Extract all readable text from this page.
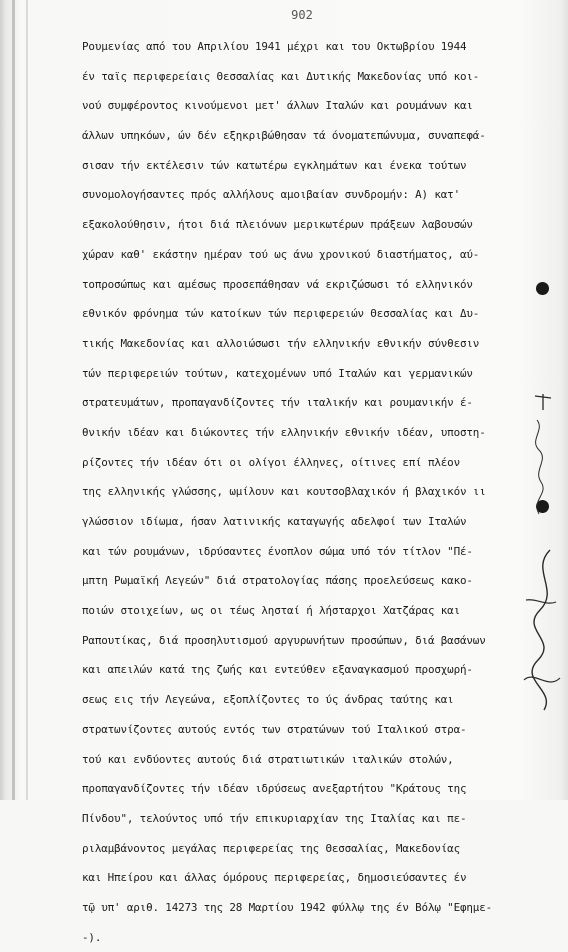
902
Ρουμενίας από του Απριλίου 1941 μέχρι και του Οκτωβρίου 1944
έν ταϊς περιφερείαις Θεσσαλίας και Δυτικής Μακεδονίας υπό κοι-
νού συμφέροντος κινούμενοι μετ' άλλων Ιταλών και ρουμάνων και
άλλων υπηκόων, ών δέν εξηκριβώθησαν τά όνοματεπώνυμα, συναπεφά-
σισαν τήν εκτέλεσιν τών κατωτέρω εγκλημάτων και ένεκα τούτων
συνομολογήσαντες πρός αλλήλους αμοιβαίαν συνδρομήν: Α) κατ'
εξακολούθησιν, ήτοι διά πλειόνων μερικωτέρων πράξεων λαβουσών
χώραν καθ' εκάστην ημέραν τού ως άνω χρονικού διαστήματος, αύ-
τοπροσώπως και αμέσως προσεπάθησαν νά εκριζώσωσι τό ελληνικόν
εθνικόν φρόνημα τών κατοίκων τών περιφερειών Θεσσαλίας και Δυ-
τικής Μακεδονίας και αλλοιώσωσι τήν ελληνικήν εθνικήν σύνθεσιν
τών περιφερειών τούτων, κατεχομένων υπό Ιταλών και γερμανικών
στρατευμάτων, προπαγανδίζοντες τήν ιταλικήν και ρουμανικήν έ-
θνικήν ιδέαν και διώκοντες τήν ελληνικήν εθνικήν ιδέαν, υποστη-
ρίζοντες τήν ιδέαν ότι οι ολίγοι έλληνες, οίτινες επί πλέον
της ελληνικής γλώσσης, ωμίλουν και κουτσοβλαχικόν ή βλαχικόν ιι
γλώσσιον ιδίωμα, ήσαν λατινικής καταγωγής αδελφοί των Ιταλών
και τών ρουμάνων, ιδρύσαντες ένοπλον σώμα υπό τόν τίτλον "Πέ-
μπτη Ρωμαϊκή Λεγεών" διά στρατολογίας πάσης προελεύσεως κακο-
ποιών στοιχείων, ως οι τέως λησταί ή λήσταρχοι Χατζάρας και
Ραπουτίκας, διά προσηλυτισμού αργυρωνήτων προσώπων, διά βασάνων
και απειλών κατά της ζωής και εντεύθεν εξαναγκασμού προσχωρή-
σεως εις τήν Λεγεώνα, εξοπλίζοντες το ύς άνδρας ταύτης και
στρατωνίζοντες αυτούς εντός των στρατώνων τού Ιταλικού στρα-
τού και ενδύοντες αυτούς διά στρατιωτικών ιταλικών στολών,
προπαγανδίζοντες τήν ιδέαν ιδρύσεως ανεξαρτήτου "Κράτους της
Πίνδου", τελούντος υπό τήν επικυριαρχίαν της Ιταλίας και πε-
ριλαμβάνοντος μεγάλας περιφερείας της Θεσσαλίας, Μακεδονίας
και Ηπείρου και άλλας όμόρους περιφερείας, δημοσιεύσαντες έν
τῷ υπ' αριθ. 14273 της 28 Μαρτίου 1942 φύλλῳ της έν Βόλῳ "Εφημε-
-).
